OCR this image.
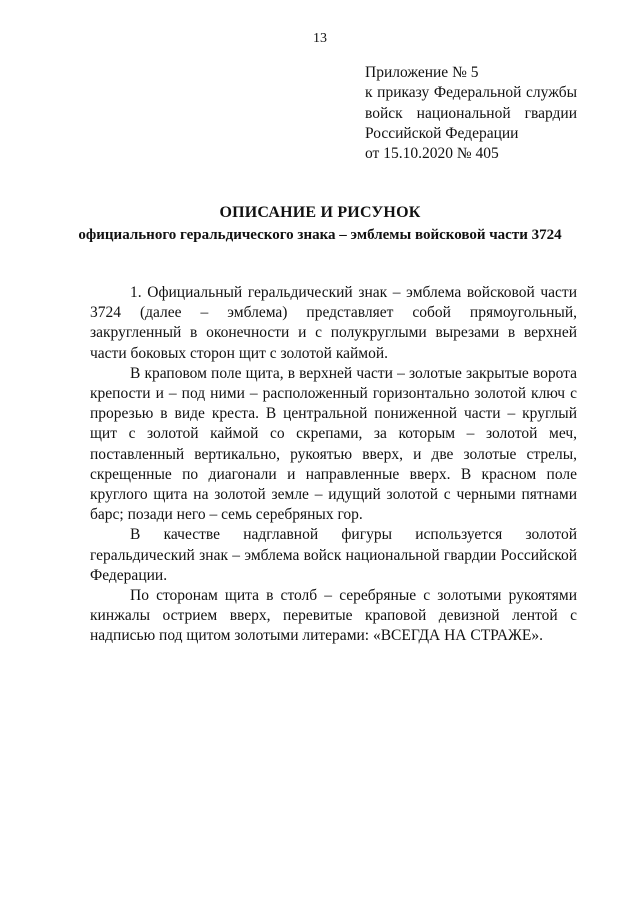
13
Приложение № 5
к приказу Федеральной службы
войск национальной гвардии
Российской Федерации
от 15.10.2020 № 405
ОПИСАНИЕ И РИСУНОК
официального геральдического знака – эмблемы войсковой части 3724

1. Официальный геральдический знак – эмблема войсковой части 3724 (далее – эмблема) представляет собой прямоугольный, закругленный в оконечности и с полукруглыми вырезами в верхней части боковых сторон щит с золотой каймой.

В краповом поле щита, в верхней части – золотые закрытые ворота крепости и – под ними – расположенный горизонтально золотой ключ с прорезью в виде креста. В центральной пониженной части – круглый щит с золотой каймой со скрепами, за которым – золотой меч, поставленный вертикально, рукоятью вверх, и две золотые стрелы, скрещенные по диагонали и направленные вверх. В красном поле круглого щита на золотой земле – идущий золотой с черными пятнами барс; позади него – семь серебряных гор.

В качестве надглавной фигуры используется золотой геральдический знак – эмблема войск национальной гвардии Российской Федерации.

По сторонам щита в столб – серебряные с золотыми рукоятями кинжалы острием вверх, перевитые краповой девизной лентой с надписью под щитом золотыми литерами: «ВСЕГДА НА СТРАЖЕ».
